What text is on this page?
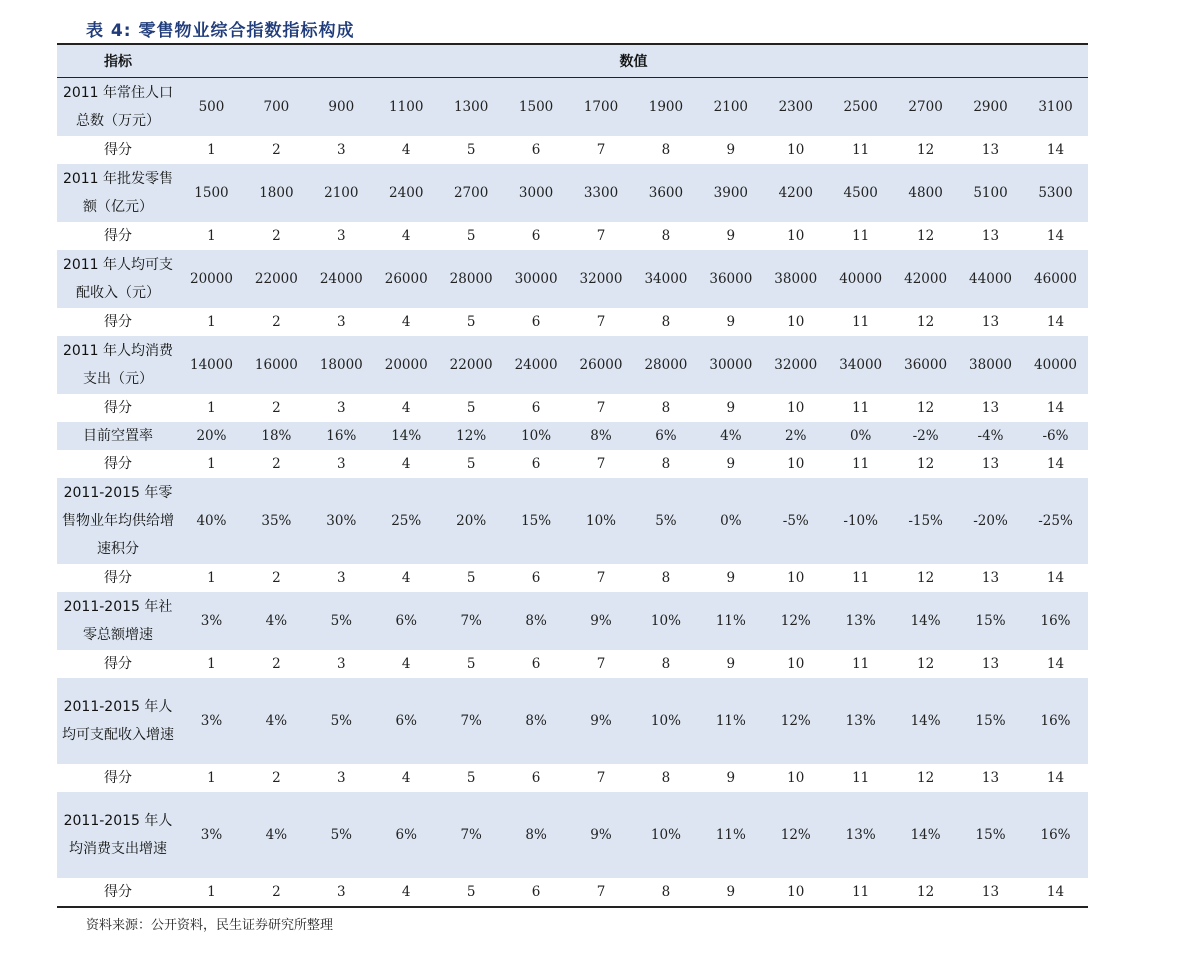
表 4: 零售物业综合指数指标构成
指标	数值													
2011 年常住人口总数（万元）	500	700	900	1100	1300	1500	1700	1900	2100	2300	2500	2700	2900	3100
得分	1	2	3	4	5	6	7	8	9	10	11	12	13	14
2011 年批发零售额（亿元）	1500	1800	2100	2400	2700	3000	3300	3600	3900	4200	4500	4800	5100	5300
得分	1	2	3	4	5	6	7	8	9	10	11	12	13	14
2011 年人均可支配收入（元）	20000	22000	24000	26000	28000	30000	32000	34000	36000	38000	40000	42000	44000	46000
得分	1	2	3	4	5	6	7	8	9	10	11	12	13	14
2011 年人均消费支出（元）	14000	16000	18000	20000	22000	24000	26000	28000	30000	32000	34000	36000	38000	40000
得分	1	2	3	4	5	6	7	8	9	10	11	12	13	14
目前空置率	20%	18%	16%	14%	12%	10%	8%	6%	4%	2%	0%	-2%	-4%	-6%
得分	1	2	3	4	5	6	7	8	9	10	11	12	13	14
2011-2015 年零售物业年均供给增速积分	40%	35%	30%	25%	20%	15%	10%	5%	0%	-5%	-10%	-15%	-20%	-25%
得分	1	2	3	4	5	6	7	8	9	10	11	12	13	14
2011-2015 年社零总额增速	3%	4%	5%	6%	7%	8%	9%	10%	11%	12%	13%	14%	15%	16%
得分	1	2	3	4	5	6	7	8	9	10	11	12	13	14
2011-2015 年人均可支配收入增速	3%	4%	5%	6%	7%	8%	9%	10%	11%	12%	13%	14%	15%	16%
得分	1	2	3	4	5	6	7	8	9	10	11	12	13	14
2011-2015 年人均消费支出增速	3%	4%	5%	6%	7%	8%	9%	10%	11%	12%	13%	14%	15%	16%
得分	1	2	3	4	5	6	7	8	9	10	11	12	13	14
资料来源：公开资料，民生证券研究所整理
